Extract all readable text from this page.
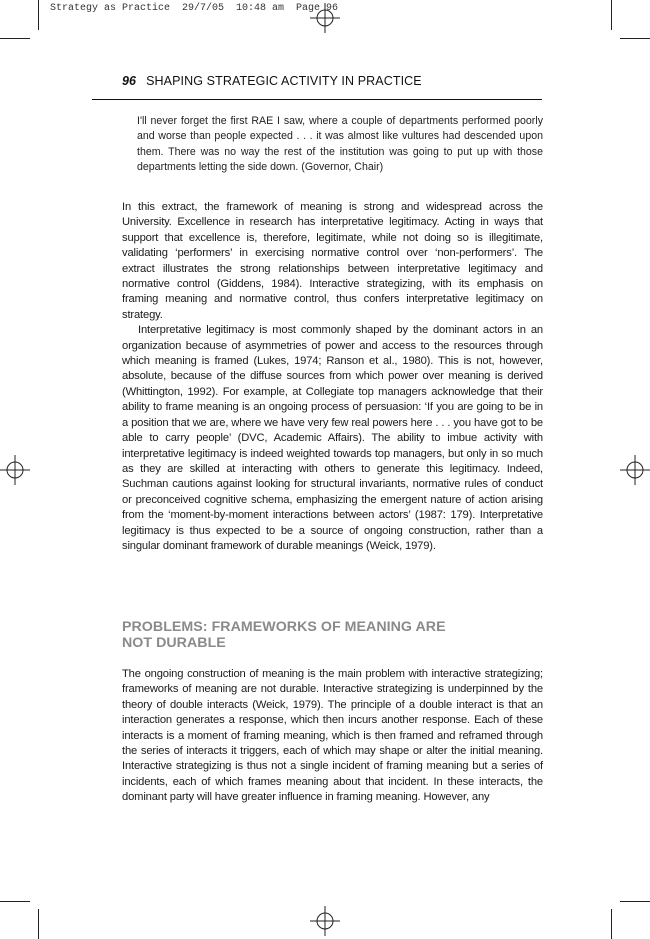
Strategy as Practice  29/7/05  10:48 am  Page 96
96 SHAPING STRATEGIC ACTIVITY IN PRACTICE

I'll never forget the first RAE I saw, where a couple of departments performed poorly and worse than people expected . . . it was almost like vultures had descended upon them. There was no way the rest of the institution was going to put up with those departments letting the side down. (Governor, Chair)

In this extract, the framework of meaning is strong and widespread across the University. Excellence in research has interpretative legitimacy. Acting in ways that support that excellence is, therefore, legitimate, while not doing so is illegitimate, validating ‘performers’ in exercising normative control over ‘non-performers’. The extract illustrates the strong relationships between interpretative legitimacy and normative control (Giddens, 1984). Interactive strategizing, with its emphasis on framing meaning and normative control, thus confers interpretative legitimacy on strategy.

Interpretative legitimacy is most commonly shaped by the dominant actors in an organization because of asymmetries of power and access to the resources through which meaning is framed (Lukes, 1974; Ranson et al., 1980). This is not, however, absolute, because of the diffuse sources from which power over meaning is derived (Whittington, 1992). For example, at Collegiate top managers acknowledge that their ability to frame meaning is an ongoing process of persuasion: ‘If you are going to be in a position that we are, where we have very few real powers here . . . you have got to be able to carry people’ (DVC, Academic Affairs). The ability to imbue activity with interpretative legitimacy is indeed weighted towards top managers, but only in so much as they are skilled at interacting with others to generate this legitimacy. Indeed, Suchman cautions against looking for structural invariants, normative rules of conduct or preconceived cognitive schema, emphasizing the emergent nature of action arising from the ‘moment-by-moment interactions between actors’ (1987: 179). Interpretative legitimacy is thus expected to be a source of ongoing construction, rather than a singular dominant framework of durable meanings (Weick, 1979).

PROBLEMS: FRAMEWORKS OF MEANING ARE
NOT DURABLE

The ongoing construction of meaning is the main problem with interactive strategizing; frameworks of meaning are not durable. Interactive strategizing is underpinned by the theory of double interacts (Weick, 1979). The principle of a double interact is that an interaction generates a response, which then incurs another response. Each of these interacts is a moment of framing meaning, which is then framed and reframed through the series of interacts it triggers, each of which may shape or alter the initial meaning. Interactive strategizing is thus not a single incident of framing meaning but a series of incidents, each of which frames meaning about that incident. In these interacts, the dominant party will have greater influence in framing meaning. However, any
